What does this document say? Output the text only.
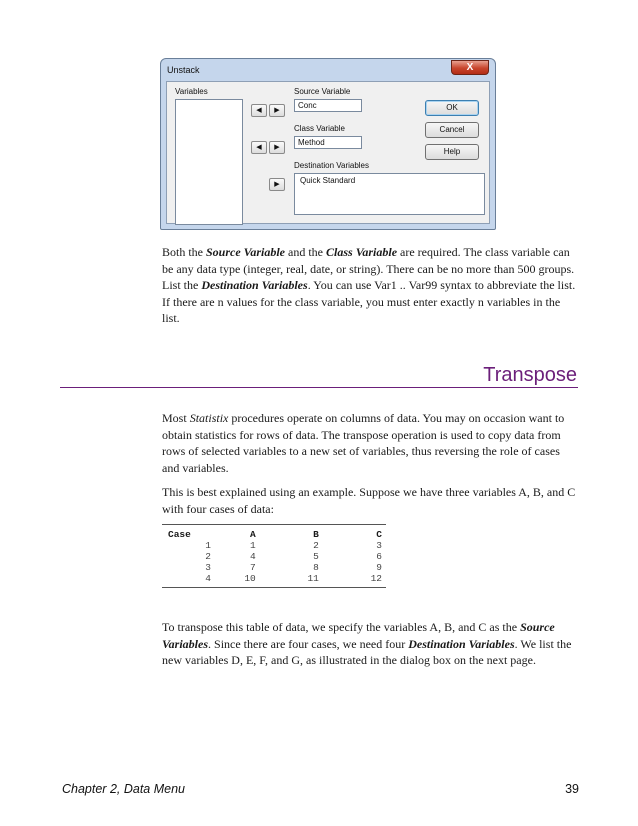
Unstack	X
Variables
◀	▶
Source Variable
Conc
◀	▶
Class Variable
Method
▶
Destination Variables
Quick Standard
OK
Cancel
Help

Both the Source Variable and the Class Variable are required. The class variable can be any data type (integer, real, date, or string). There can be no more than 500 groups. List the Destination Variables. You can use Var1 .. Var99 syntax to abbreviate the list. If there are n values for the class variable, you must enter exactly n variables in the list.

Transpose

Most Statistix procedures operate on columns of data. You may on occasion want to obtain statistics for rows of data. The transpose operation is used to copy data from rows of selected variables to a new set of variables, thus reversing the role of cases and variables.

This is best explained using an example. Suppose we have three variables A, B, and C with four cases of data:

Case	A	B	C
1	1	2	3
2	4	5	6
3	7	8	9
4	10	11	12

To transpose this table of data, we specify the variables A, B, and C as the Source Variables. Since there are four cases, we need four Destination Variables. We list the new variables D, E, F, and G, as illustrated in the dialog box on the next page.

Chapter 2, Data Menu	39
